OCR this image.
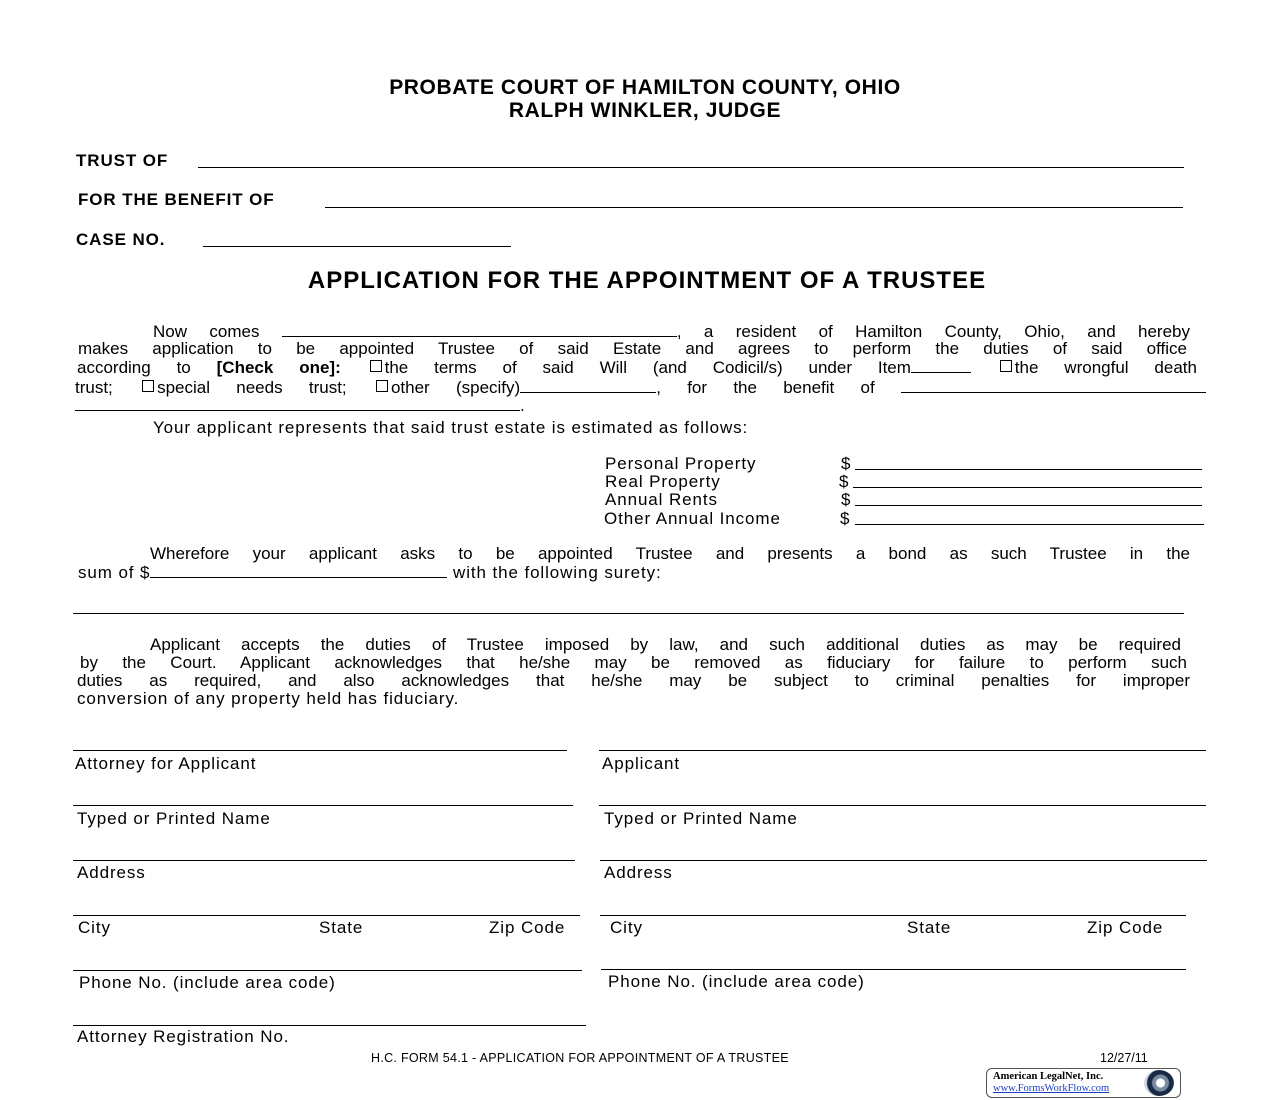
PROBATE COURT OF HAMILTON COUNTY, OHIO
RALPH WINKLER, JUDGE
TRUST OF
FOR THE BENEFIT OF
CASE NO.
APPLICATION FOR THE APPOINTMENT OF A TRUSTEE
Now comes	, a resident of Hamilton County, Ohio, and hereby
makes application to be appointed Trustee of said Estate and agrees to perform the duties of said office
according to [Check one]:	the terms of said Will (and Codicil/s) under Item	the wrongful death
trust;	special needs trust;	other (specify)	, for the benefit of
.
Your applicant represents that said trust estate is estimated as follows:
Personal Property	$
Real Property	$
Annual Rents	$
Other Annual Income	$
Wherefore your applicant asks to be appointed Trustee and presents a bond as such Trustee in the
sum of $	with the following surety:
Applicant accepts the duties of Trustee imposed by law, and such additional duties as may be required
by the Court. Applicant acknowledges that he/she may be removed as fiduciary for failure to perform such
duties as required, and also acknowledges that he/she may be subject to criminal penalties for improper
conversion of any property held has fiduciary.
Attorney for Applicant
Typed or Printed Name
Address
City	State	Zip Code
Phone No. (include area code)
Attorney Registration No.
Applicant
Typed or Printed Name
Address
City	State	Zip Code
Phone No. (include area code)
H.C. FORM 54.1 - APPLICATION FOR APPOINTMENT OF A TRUSTEE	12/27/11
American LegalNet, Inc.
www.FormsWorkFlow.com
